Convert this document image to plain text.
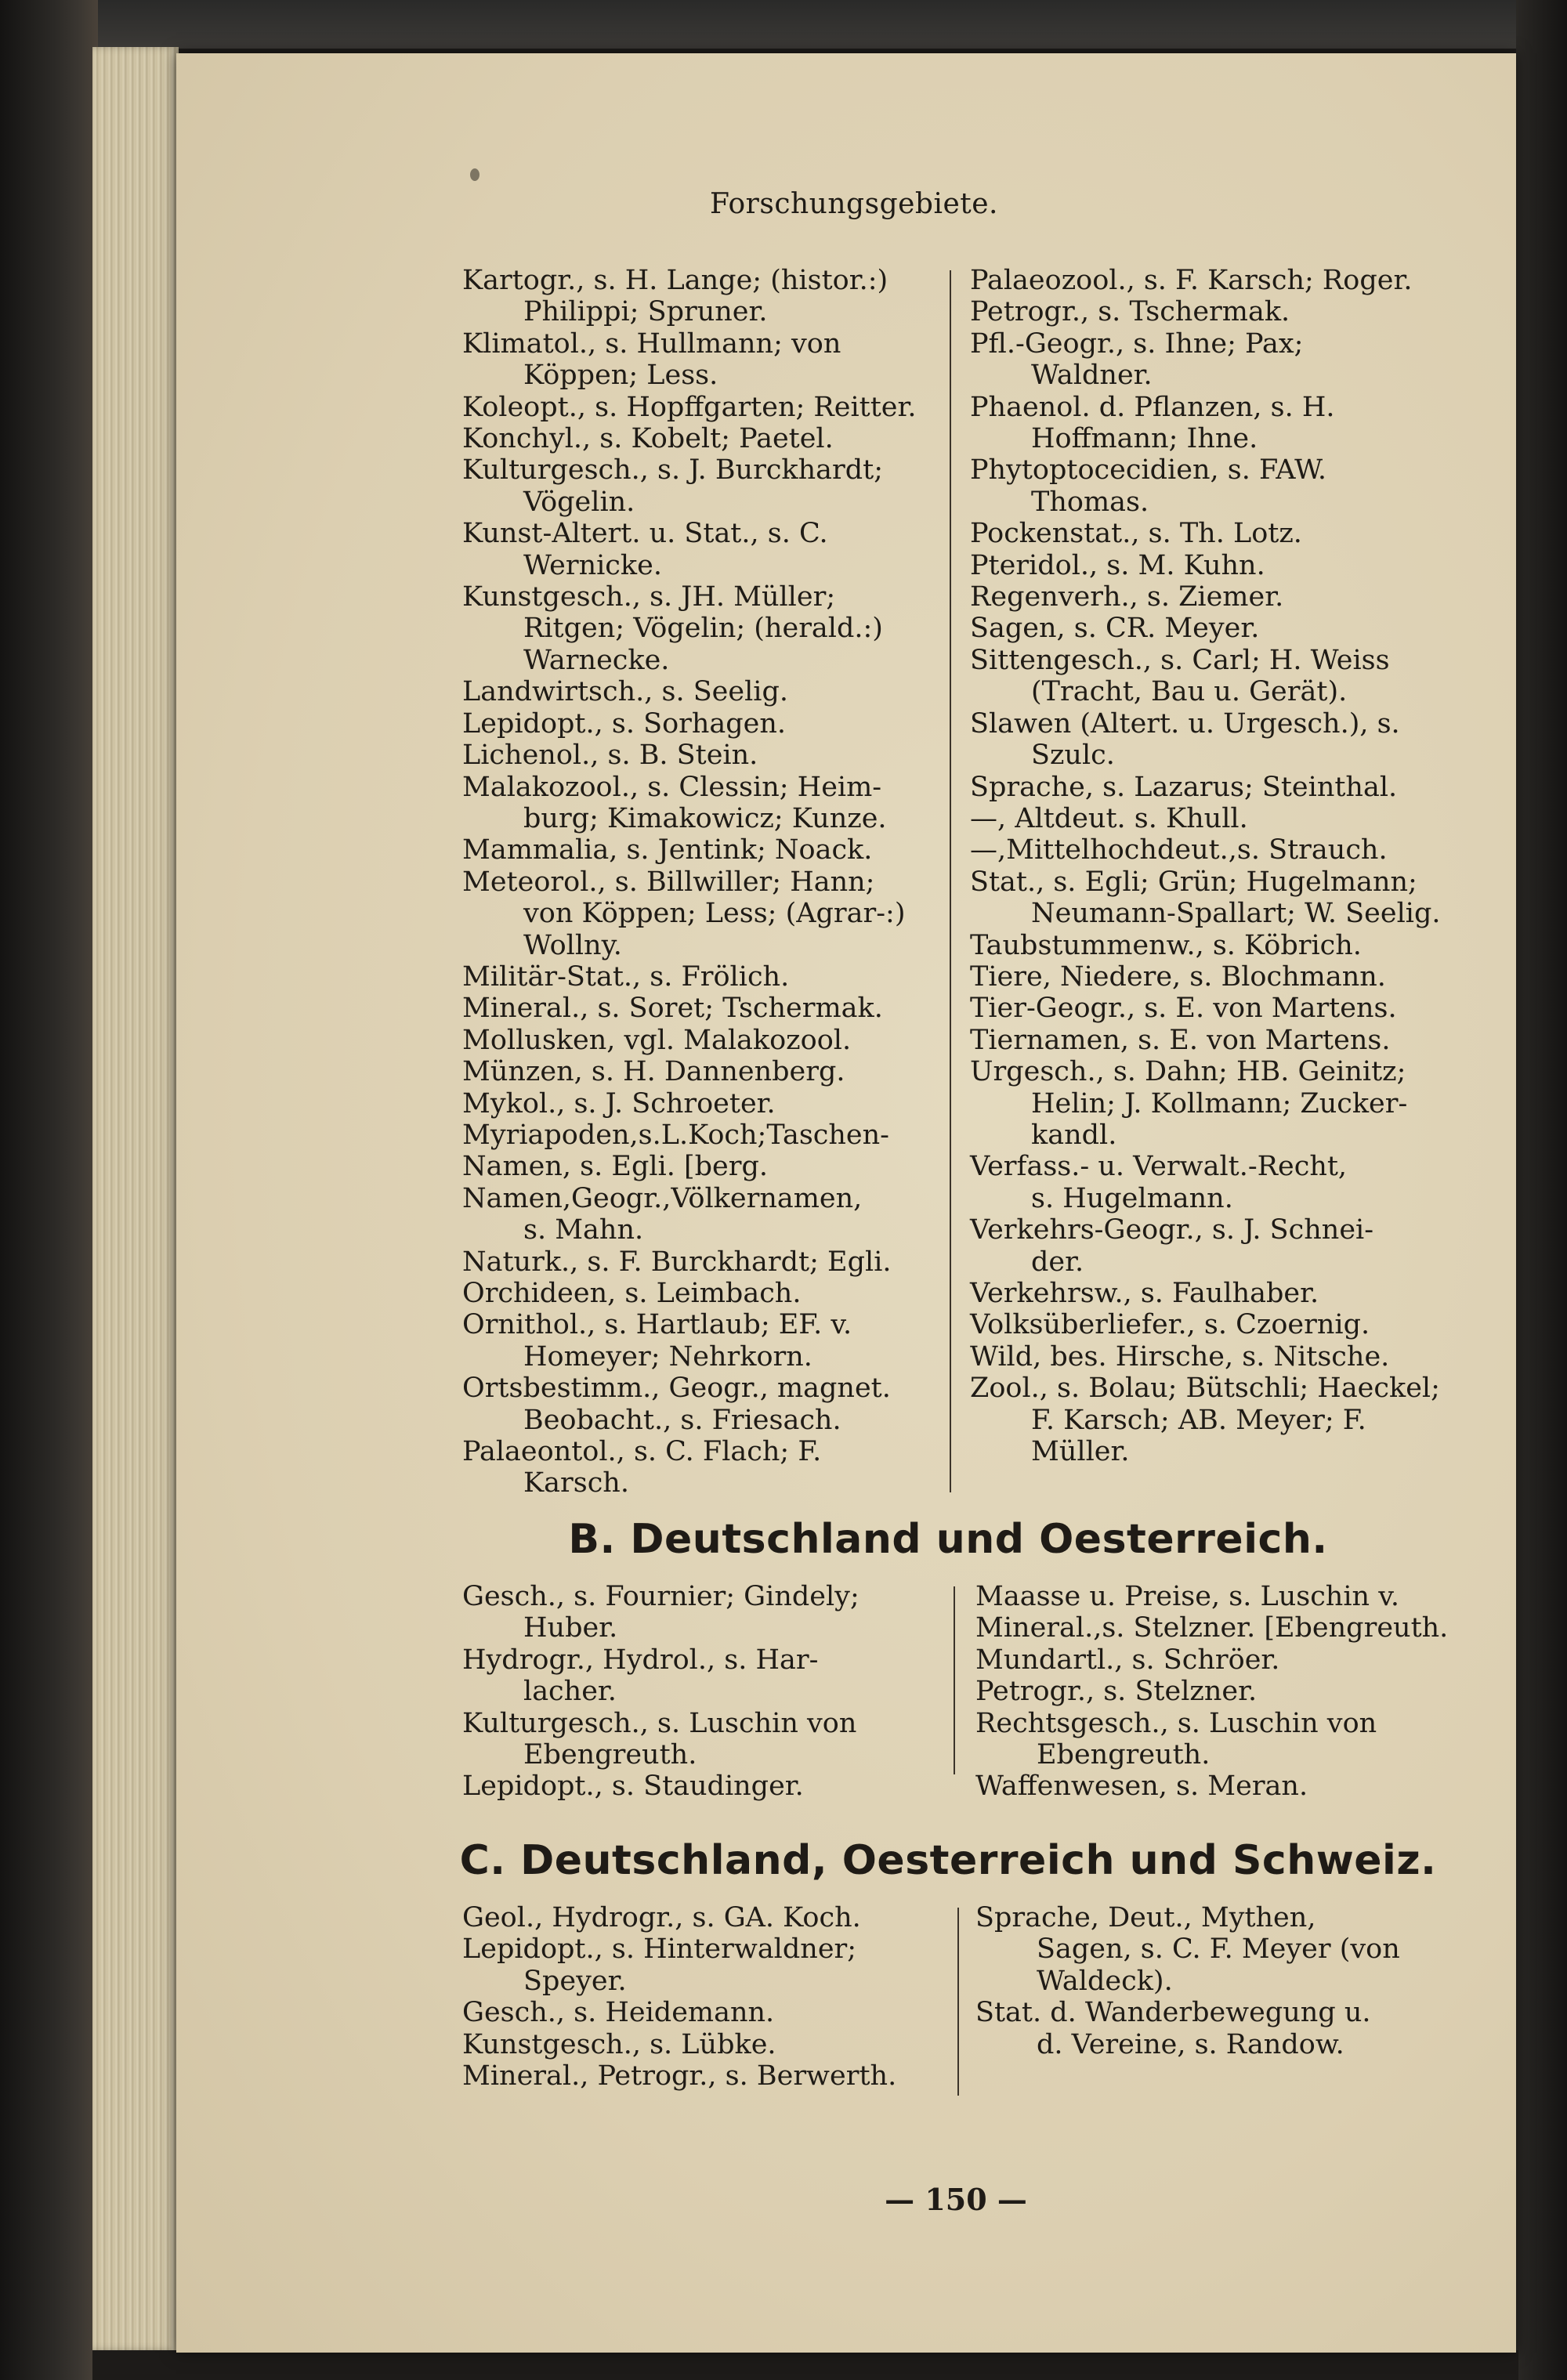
Forschungsgebiete.
Kartogr., s. H. Lange; (histor.:)
Philippi; Spruner.
Klimatol., s. Hullmann; von
Köppen; Less.
Koleopt., s. Hopffgarten; Reitter.
Konchyl., s. Kobelt; Paetel.
Kulturgesch., s. J. Burckhardt;
Vögelin.
Kunst-Altert. u. Stat., s. C.
Wernicke.
Kunstgesch., s. JH. Müller;
Ritgen; Vögelin; (herald.:)
Warnecke.
Landwirtsch., s. Seelig.
Lepidopt., s. Sorhagen.
Lichenol., s. B. Stein.
Malakozool., s. Clessin; Heim-
burg; Kimakowicz; Kunze.
Mammalia, s. Jentink; Noack.
Meteorol., s. Billwiller; Hann;
von Köppen; Less; (Agrar-:)
Wollny.
Militär-Stat., s. Frölich.
Mineral., s. Soret; Tschermak.
Mollusken, vgl. Malakozool.
Münzen, s. H. Dannenberg.
Mykol., s. J. Schroeter.
Myriapoden,s.L.Koch;Taschen-
Namen, s. Egli. [berg.
Namen,Geogr.,Völkernamen,
s. Mahn.
Naturk., s. F. Burckhardt; Egli.
Orchideen, s. Leimbach.
Ornithol., s. Hartlaub; EF. v.
Homeyer; Nehrkorn.
Ortsbestimm., Geogr., magnet.
Beobacht., s. Friesach.
Palaeontol., s. C. Flach; F.
Karsch.
Palaeozool., s. F. Karsch; Roger.
Petrogr., s. Tschermak.
Pfl.-Geogr., s. Ihne; Pax;
Waldner.
Phaenol. d. Pflanzen, s. H.
Hoffmann; Ihne.
Phytoptocecidien, s. FAW.
Thomas.
Pockenstat., s. Th. Lotz.
Pteridol., s. M. Kuhn.
Regenverh., s. Ziemer.
Sagen, s. CR. Meyer.
Sittengesch., s. Carl; H. Weiss
(Tracht, Bau u. Gerät).
Slawen (Altert. u. Urgesch.), s.
Szulc.
Sprache, s. Lazarus; Steinthal.
—, Altdeut. s. Khull.
—,Mittelhochdeut.,s. Strauch.
Stat., s. Egli; Grün; Hugelmann;
Neumann-Spallart; W. Seelig.
Taubstummenw., s. Köbrich.
Tiere, Niedere, s. Blochmann.
Tier-Geogr., s. E. von Martens.
Tiernamen, s. E. von Martens.
Urgesch., s. Dahn; HB. Geinitz;
Helin; J. Kollmann; Zucker-
kandl.
Verfass.- u. Verwalt.-Recht,
s. Hugelmann.
Verkehrs-Geogr., s. J. Schnei-
der.
Verkehrsw., s. Faulhaber.
Volksüberliefer., s. Czoernig.
Wild, bes. Hirsche, s. Nitsche.
Zool., s. Bolau; Bütschli; Haeckel;
F. Karsch; AB. Meyer; F.
Müller.
B. Deutschland und Oesterreich.
Gesch., s. Fournier; Gindely;
Huber.
Hydrogr., Hydrol., s. Har-
lacher.
Kulturgesch., s. Luschin von
Ebengreuth.
Lepidopt., s. Staudinger.
Maasse u. Preise, s. Luschin v.
Mineral.,s. Stelzner. [Ebengreuth.
Mundartl., s. Schröer.
Petrogr., s. Stelzner.
Rechtsgesch., s. Luschin von
Ebengreuth.
Waffenwesen, s. Meran.
C. Deutschland, Oesterreich und Schweiz.
Geol., Hydrogr., s. GA. Koch.
Lepidopt., s. Hinterwaldner;
Speyer.
Gesch., s. Heidemann.
Kunstgesch., s. Lübke.
Mineral., Petrogr., s. Berwerth.
Sprache, Deut., Mythen,
Sagen, s. C. F. Meyer (von
Waldeck).
Stat. d. Wanderbewegung u.
d. Vereine, s. Randow.
— 150 —
